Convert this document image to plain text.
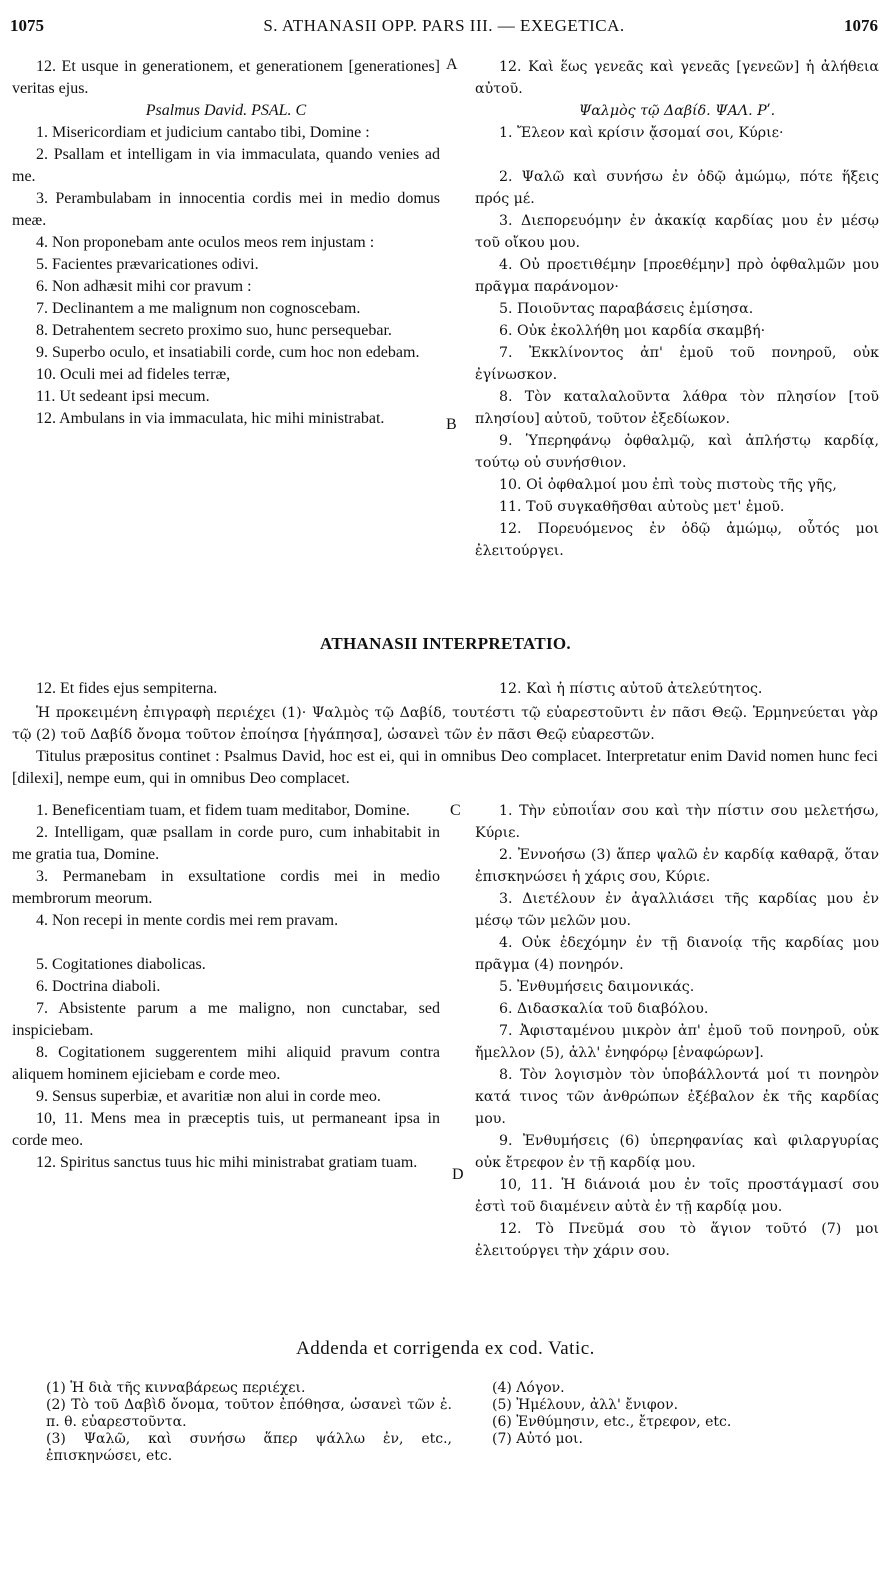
1075	S. ATHANASII OPP. PARS III. — EXEGETICA.	1076

12. Et usque in generationem, et generationem [generationes] veritas ejus.

Psalmus David. PSAL. C

1. Misericordiam et judicium cantabo tibi, Domine :

2. Psallam et intelligam in via immaculata, quando venies ad me.

3. Perambulabam in innocentia cordis mei in medio domus meæ.

4. Non proponebam ante oculos meos rem injustam :

5. Facientes prævaricationes odivi.

6. Non adhæsit mihi cor pravum :

7. Declinantem a me malignum non cognoscebam.

8. Detrahentem secreto proximo suo, hunc persequebar.

9. Superbo oculo, et insatiabili corde, cum hoc non edebam.

10. Oculi mei ad fideles terræ,

11. Ut sedeant ipsi mecum.

12. Ambulans in via immaculata, hic mihi ministrabat.

A
B

12. Καὶ ἕως γενεᾶς καὶ γενεᾶς [γενεῶν] ἡ ἀλήθεια αὐτοῦ.

Ψαλμὸς τῷ Δαβίδ. ΨΑΛ. Ρʹ.

1. Ἔλεον καὶ κρίσιν ᾄσομαί σοι, Κύριε·

2. Ψαλῶ καὶ συνήσω ἐν ὁδῷ ἀμώμῳ, πότε ἥξεις πρός μέ.

3. Διεπορευόμην ἐν ἀκακίᾳ καρδίας μου ἐν μέσῳ τοῦ οἴκου μου.

4. Οὐ προετιθέμην [προεθέμην] πρὸ ὀφθαλμῶν μου πρᾶγμα παράνομον·

5. Ποιοῦντας παραβάσεις ἐμίσησα.

6. Οὐκ ἐκολλήθη μοι καρδία σκαμβή·

7. Ἐκκλίνοντος ἀπ' ἐμοῦ τοῦ πονηροῦ, οὐκ ἐγίνωσκον.

8. Τὸν καταλαλοῦντα λάθρα τὸν πλησίον [τοῦ πλησίου] αὐτοῦ, τοῦτον ἐξεδίωκον.

9. Ὑπερηφάνῳ ὀφθαλμῷ, καὶ ἀπλήστῳ καρδίᾳ, τούτῳ οὐ συνήσθιον.

10. Οἱ ὀφθαλμοί μου ἐπὶ τοὺς πιστοὺς τῆς γῆς,

11. Τοῦ συγκαθῆσθαι αὐτοὺς μετ' ἐμοῦ.

12. Πορευόμενος ἐν ὁδῷ ἀμώμῳ, οὗτός μοι ἐλειτούργει.

ATHANASII INTERPRETATIO.

12. Et fides ejus sempiterna.	12. Καὶ ἡ πίστις αὐτοῦ ἀτελεύτητος.

Ἡ προκειμένη ἐπιγραφὴ περιέχει (1)· Ψαλμὸς τῷ Δαβίδ, τουτέστι τῷ εὐαρεστοῦντι ἐν πᾶσι Θεῷ. Ἑρμηνεύεται γὰρ τῷ (2) τοῦ Δαβίδ ὄνομα τοῦτον ἐποίησα [ἠγάπησα], ὡσανεὶ τῶν ἐν πᾶσι Θεῷ εὐαρεστῶν.

Titulus præpositus continet : Psalmus David, hoc est ei, qui in omnibus Deo complacet. Interpretatur enim David nomen hunc feci [dilexi], nempe eum, qui in omnibus Deo complacet.

C
D

1. Beneficentiam tuam, et fidem tuam meditabor, Domine.

2. Intelligam, quæ psallam in corde puro, cum inhabitabit in me gratia tua, Domine.

3. Permanebam in exsultatione cordis mei in medio membrorum meorum.

4. Non recepi in mente cordis mei rem pravam.

5. Cogitationes diabolicas.

6. Doctrina diaboli.

7. Absistente parum a me maligno, non cunctabar, sed inspiciebam.

8. Cogitationem suggerentem mihi aliquid pravum contra aliquem hominem ejiciebam e corde meo.

9. Sensus superbiæ, et avaritiæ non alui in corde meo.

10, 11. Mens mea in præceptis tuis, ut permaneant ipsa in corde meo.

12. Spiritus sanctus tuus hic mihi ministrabat gratiam tuam.

1. Τὴν εὐποιΐαν σου καὶ τὴν πίστιν σου μελετήσω, Κύριε.

2. Ἐννοήσω (3) ἅπερ ψαλῶ ἐν καρδίᾳ καθαρᾷ, ὅταν ἐπισκηνώσει ἡ χάρις σου, Κύριε.

3. Διετέλουν ἐν ἀγαλλιάσει τῆς καρδίας μου ἐν μέσῳ τῶν μελῶν μου.

4. Οὐκ ἐδεχόμην ἐν τῇ διανοίᾳ τῆς καρδίας μου πρᾶγμα (4) πονηρόν.

5. Ἐνθυμήσεις δαιμονικάς.

6. Διδασκαλία τοῦ διαβόλου.

7. Ἀφισταμένου μικρὸν ἀπ' ἐμοῦ τοῦ πονηροῦ, οὐκ ἤμελλον (5), ἀλλ' ἐνηφόρῳ [ἐναφώρων].

8. Τὸν λογισμὸν τὸν ὑποβάλλοντά μοί τι πονηρὸν κατά τινος τῶν ἀνθρώπων ἐξέβαλον ἐκ τῆς καρδίας μου.

9. Ἐνθυμήσεις (6) ὑπερηφανίας καὶ φιλαργυρίας οὐκ ἔτρεφον ἐν τῇ καρδίᾳ μου.

10, 11. Ἡ διάνοιά μου ἐν τοῖς προστάγμασί σου ἐστὶ τοῦ διαμένειν αὐτὰ ἐν τῇ καρδίᾳ μου.

12. Τὸ Πνεῦμά σου τὸ ἅγιον τοῦτό (7) μοι ἐλειτούργει τὴν χάριν σου.

Addenda et corrigenda ex cod. Vatic.
(1) Ἡ διὰ τῆς κινναβάρεως περιέχει.
(2) Τὸ τοῦ Δαβὶδ ὄνομα, τοῦτον ἐπόθησα, ὡσανεὶ τῶν ἐ. π. θ. εὐαρεστοῦντα.
(3) Ψαλῶ, καὶ συνήσω ἅπερ ψάλλω ἐν, etc., ἐπισκηνώσει, etc.
(4) Λόγον.
(5) Ἠμέλουν, ἀλλ' ἔνιφον.
(6) Ἐνθύμησιν, etc., ἔτρεφον, etc.
(7) Αὐτό μοι.
